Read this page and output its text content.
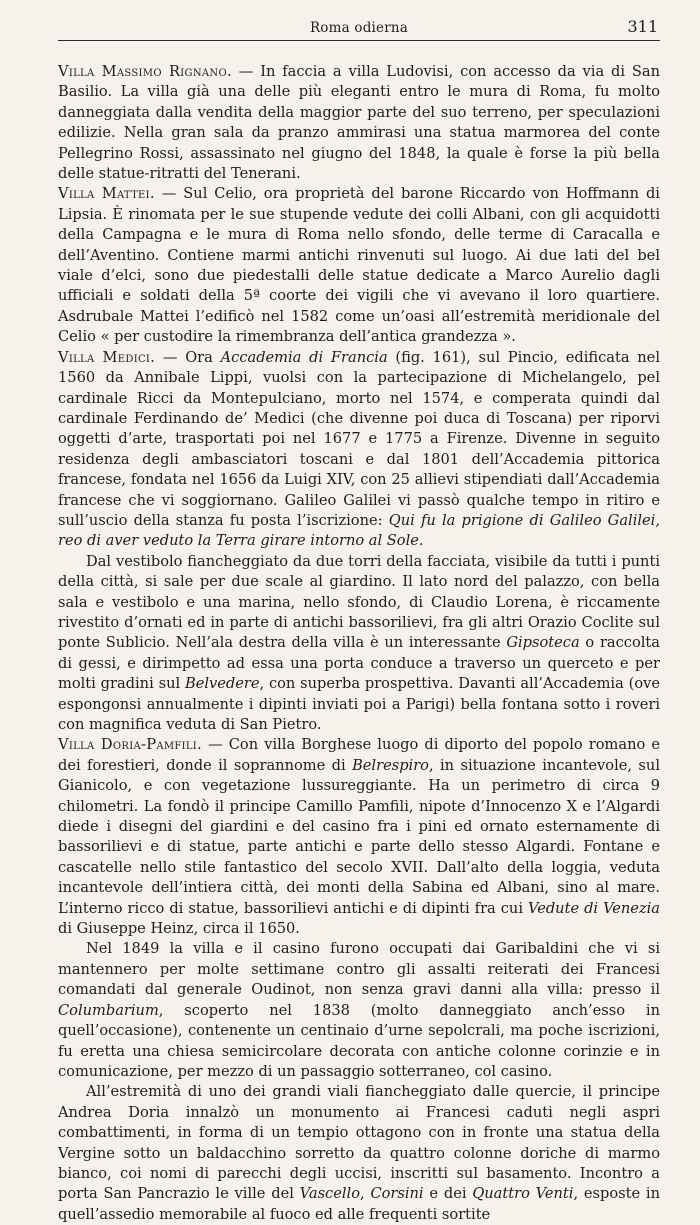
Roma odierna	311

Villa Massimo Rignano. — In faccia a villa Ludovisi, con accesso da via di San Basilio. La villa già una delle più eleganti entro le mura di Roma, fu molto danneggiata dalla vendita della maggior parte del suo terreno, per speculazioni edilizie. Nella gran sala da pranzo ammirasi una statua marmorea del conte Pellegrino Rossi, assassinato nel giugno del 1848, la quale è forse la più bella delle statue-ritratti del Tenerani.

Villa Mattei. — Sul Celio, ora proprietà del barone Riccardo von Hoffmann di Lipsia. È rinomata per le sue stupende vedute dei colli Albani, con gli acquidotti della Campagna e le mura di Roma nello sfondo, delle terme di Caracalla e dell’Aventino. Contiene marmi antichi rinvenuti sul luogo. Ai due lati del bel viale d’elci, sono due piedestalli delle statue dedicate a Marco Aurelio dagli ufficiali e soldati della 5ª coorte dei vigili che vi avevano il loro quartiere. Asdrubale Mattei l’edificò nel 1582 come un’oasi all’estremità meridionale del Celio « per custodire la rimembranza dell’antica grandezza ».

Villa Medici. — Ora Accademia di Francia (fig. 161), sul Pincio, edificata nel 1560 da Annibale Lippi, vuolsi con la partecipazione di Michelangelo, pel cardinale Ricci da Montepulciano, morto nel 1574, e comperata quindi dal cardinale Ferdinando de’ Medici (che divenne poi duca di Toscana) per riporvi oggetti d’arte, trasportati poi nel 1677 e 1775 a Firenze. Divenne in seguito residenza degli ambasciatori toscani e dal 1801 dell’Accademia pittorica francese, fondata nel 1656 da Luigi XIV, con 25 allievi stipendiati dall’Accademia francese che vi soggiornano. Galileo Galilei vi passò qualche tempo in ritiro e sull’uscio della stanza fu posta l’iscrizione: Qui fu la prigione di Galileo Galilei, reo di aver veduto la Terra girare intorno al Sole.

Dal vestibolo fiancheggiato da due torri della facciata, visibile da tutti i punti della città, si sale per due scale al giardino. Il lato nord del palazzo, con bella sala e vestibolo e una marina, nello sfondo, di Claudio Lorena, è riccamente rivestito d’ornati ed in parte di antichi bassorilievi, fra gli altri Orazio Coclite sul ponte Sublicio. Nell’ala destra della villa è un interessante Gipsoteca o raccolta di gessi, e dirimpetto ad essa una porta conduce a traverso un querceto e per molti gradini sul Belvedere, con superba prospettiva. Davanti all’Accademia (ove espongonsi annualmente i dipinti inviati poi a Parigi) bella fontana sotto i roveri con magnifica veduta di San Pietro.

Villa Doria-Pamfili. — Con villa Borghese luogo di diporto del popolo romano e dei forestieri, donde il soprannome di Belrespiro, in situazione incantevole, sul Gianicolo, e con vegetazione lussureggiante. Ha un perimetro di circa 9 chilometri. La fondò il principe Camillo Pamfili, nipote d’Innocenzo X e l’Algardi diede i disegni del giardini e del casino fra i pini ed ornato esternamente di bassorilievi e di statue, parte antichi e parte dello stesso Algardi. Fontane e cascatelle nello stile fantastico del secolo XVII. Dall’alto della loggia, veduta incantevole dell’intiera città, dei monti della Sabina ed Albani, sino al mare. L’interno ricco di statue, bassorilievi antichi e di dipinti fra cui Vedute di Venezia di Giuseppe Heinz, circa il 1650.

Nel 1849 la villa e il casino furono occupati dai Garibaldini che vi si mantennero per molte settimane contro gli assalti reiterati dei Francesi comandati dal generale Oudinot, non senza gravi danni alla villa: presso il Columbarium, scoperto nel 1838 (molto danneggiato anch’esso in quell’occasione), contenente un centinaio d’urne sepolcrali, ma poche iscrizioni, fu eretta una chiesa semicircolare decorata con antiche colonne corinzie e in comunicazione, per mezzo di un passaggio sotterraneo, col casino.

All’estremità di uno dei grandi viali fiancheggiato dalle quercie, il principe Andrea Doria innalzò un monumento ai Francesi caduti negli aspri combattimenti, in forma di un tempio ottagono con in fronte una statua della Vergine sotto un baldacchino sorretto da quattro colonne doriche di marmo bianco, coi nomi di parecchi degli uccisi, inscritti sul basamento. Incontro a porta San Pancrazio le ville del Vascello, Corsini e dei Quattro Venti, esposte in quell’assedio memorabile al fuoco ed alle frequenti sortite
